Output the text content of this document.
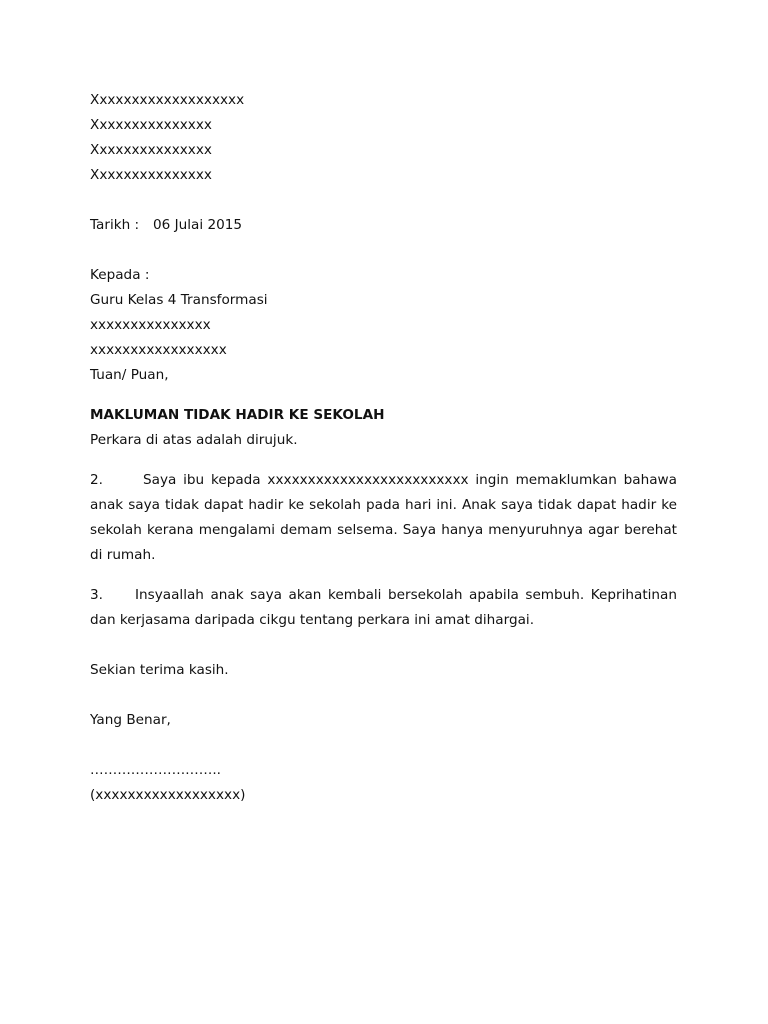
Xxxxxxxxxxxxxxxxxxx
Xxxxxxxxxxxxxxx
Xxxxxxxxxxxxxxx
Xxxxxxxxxxxxxxx
Tarikh : 06 Julai 2015
Kepada :
Guru Kelas 4 Transformasi
xxxxxxxxxxxxxxx
xxxxxxxxxxxxxxxxx
Tuan/ Puan,
MAKLUMAN TIDAK HADIR KE SEKOLAH
Perkara di atas adalah dirujuk.

2.	Saya ibu kepada xxxxxxxxxxxxxxxxxxxxxxxxx ingin memaklumkan bahawa anak saya tidak dapat hadir ke sekolah pada hari ini. Anak saya tidak dapat hadir ke sekolah kerana mengalami demam selsema. Saya hanya menyuruhnya agar berehat di rumah.

3. Insyaallah anak saya akan kembali bersekolah apabila sembuh. Keprihatinan dan kerjasama daripada cikgu tentang perkara ini amat dihargai.

Sekian terima kasih.
Yang Benar,
………………………..
(xxxxxxxxxxxxxxxxxx)
